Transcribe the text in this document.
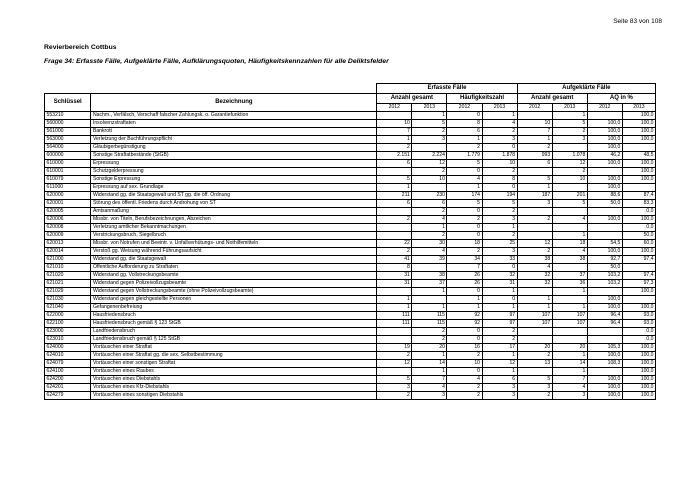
Seite 83 von 108
Revierbereich Cottbus
Frage 34: Erfasste Fälle, Aufgeklärte Fälle, Aufklärungsquoten, Häufigkeitskennzahlen für alle Deliktsfelder
		Erfasste Fälle				Aufgeklärte Fälle			
Schlüssel	Bezeichnung	Anzahl gesamt		Häufigkeitszahl		Anzahl gesamt		AQ in %	
		2012	2013	2012	2013	2012	2013	2012	2013
553210	Nachm., Verfälsch, Verschaff falscher Zahlungsk. o. Garantiefunktion		1	0	1		1		100,0
560000	Insolvenzstraftaten	10	5	8	4	10	5	100,0	100,0
561000	Bankrott	7	2	6	2	7	2	100,0	100,0
563000	Verletzung der Buchführungspflicht	1	3	1	3	1	3	100,0	100,0
564000	Gläubigerbegünstigung	2		2	0	2		100,0	
600000	Sonstige Straftatbestände (StGB)	2.151	2.224	1.779	1.878	993	1.078	46,2	48,5
610000	Erpressung	6	12	5	10	6	12	100,0	100,0
610001	Schutzgelderpressung		2	0	2		2		100,0
610079	Sonstige Erpressung	5	10	4	8	5	10	100,0	100,0
611000	Erpressung auf sex. Grundlage	1		1	0	1		100,0	
620000	Widerstand gg. die Staatsgewalt und ST gg. die öff. Ordnung	211	230	174	194	187	201	88,6	87,4
620001	Störung des öffentl. Friedens durch Androhung von ST	6	6	5	5	3	5	50,0	83,3
620005	Amtsanmaßung		2	0	2				0,0
620006	Missbr. von Titeln, Berufsbezeichnungen, Abzeichen	2	4	2	3	2	4	100,0	100,0
620008	Verletzung amtlicher Bekanntmachungen		1	0	1				0,0
620009	Verstrickungsbruch, Siegelbruch		2	0	2		1		50,0
620013	Missbr. von Notrufen und Beeintr. v. Unfallverhütungs- und Nothilfemitteln	22	30	18	25	12	18	54,5	60,0
620014	Verstoß gg. Weisung während Führungsaufsicht	2	4	2	3	2	4	100,0	100,0
621000	Widerstand gg. die Staatsgewalt	41	39	34	33	38	38	92,7	97,4
621010	Öffentliche Aufforderung zu Straftaten	8		7	0	4		50,0	
621020	Widerstand gg. Vollstreckungsbeamte	31	38	26	32	32	37	103,2	97,4
621021	Widerstand gegen Polizeivollzugsbeamte	31	37	26	31	32	36	103,2	97,3
621029	Widerstand gegen Vollstreckungsbeamte (ohne Polizeivollzugsbeamte)		1	0	1		1		100,0
621030	Widerstand gegen gleichgestellte Personen	1		1	0	1		100,0	
621040	Gefangenenbefreiung	1	1	1	1	1	1	100,0	100,0
622000	Hausfriedensbruch	111	115	92	97	107	107	96,4	93,0
622100	Hausfriedensbruch gemäß § 123 StGB	111	115	92	97	107	107	96,4	93,0
623000	Landfriedensbruch		2	0	2				0,0
623010	Landfriedensbruch gemäß § 125 StGB		2	0	2				0,0
624000	Vortäuschen einer Straftat	19	20	16	17	20	20	105,3	100,0
624010	Vortäuschen einer Straftat gg. die sex. Selbstbestimmung	2	1	2	1	2	1	100,0	100,0
624079	Vortäuschen einer sonstigen Straftat	12	14	10	12	13	14	108,3	100,0
624100	Vortäuschen eines Raubes		1	0	1		1		100,0
624200	Vortäuschen eines Diebstahls	5	7	4	6	5	7	100,0	100,0
624201	Vortäuschen eines Kfz-Diebstahls	3	4	2	3	3	4	100,0	100,0
624279	Vortäuschen eines sonstigen Diebstahls	2	3	2	3	2	3	100,0	100,0
